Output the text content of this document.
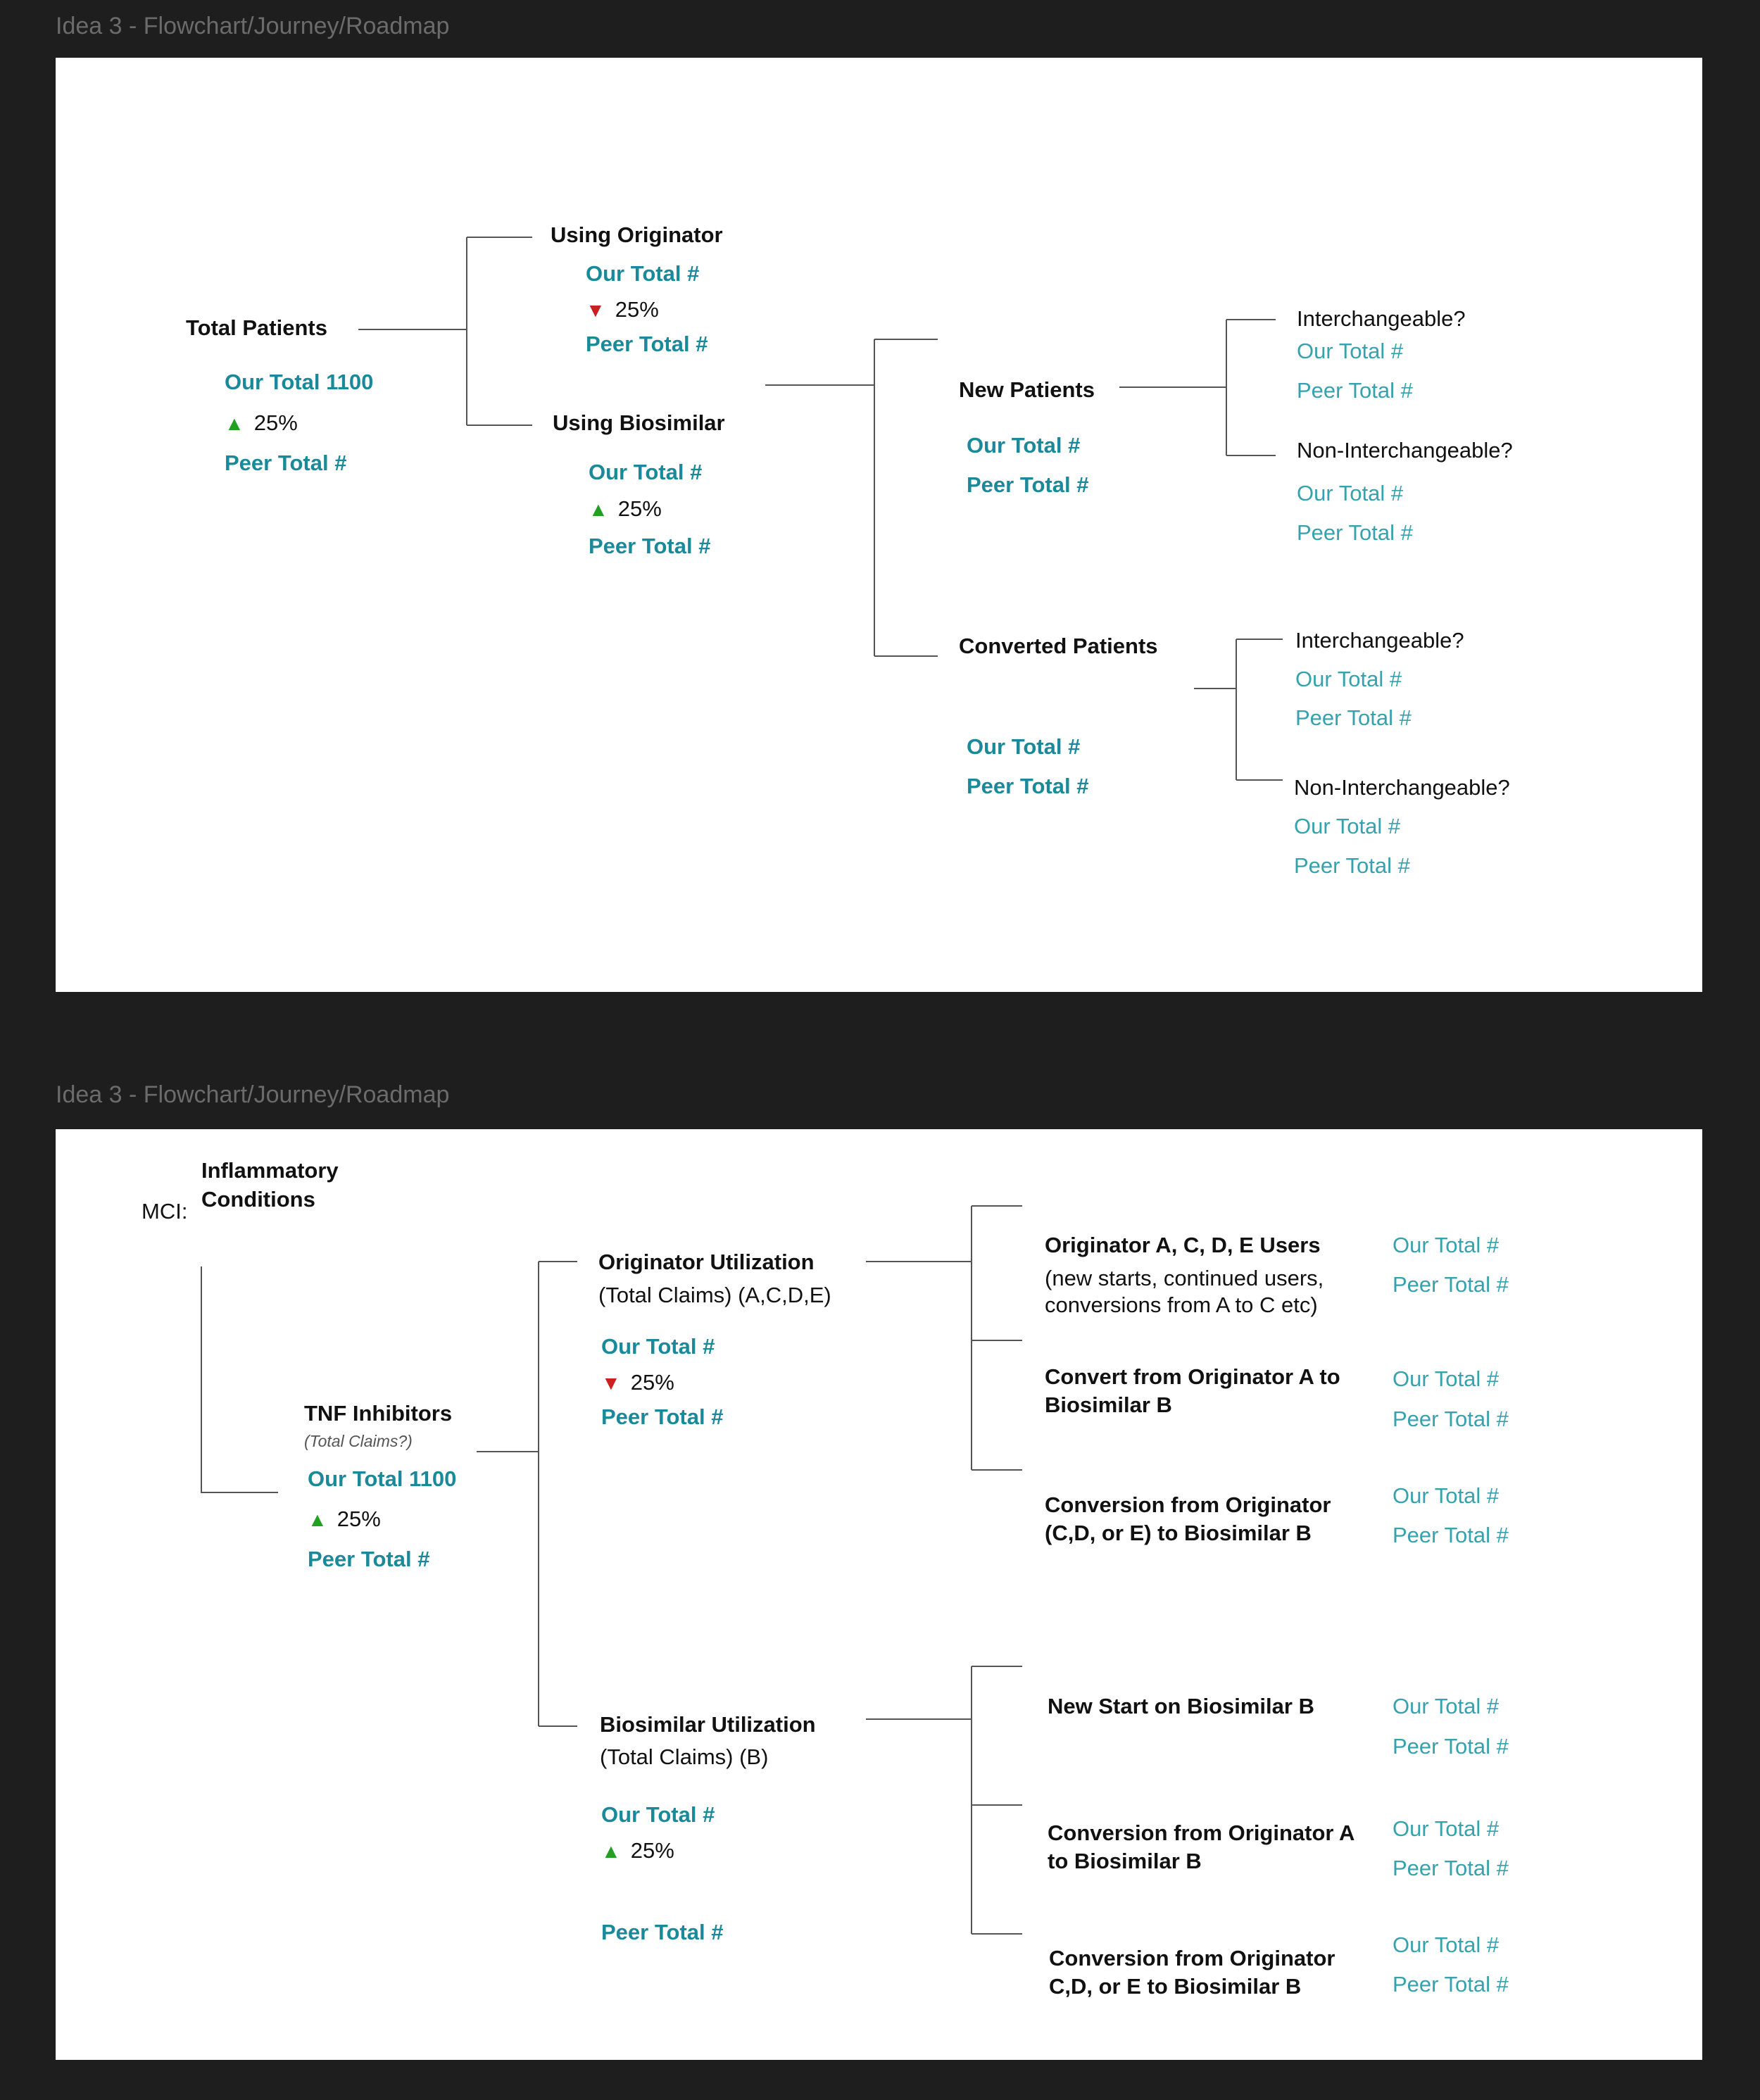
Idea 3 - Flowchart/Journey/Roadmap
Total Patients
Our Total 1100
▲ 25%
Peer Total #
Using Originator
Our Total #
▼ 25%
Peer Total #
Using Biosimilar
Our Total #
▲ 25%
Peer Total #
New Patients
Our Total #
Peer Total #
Interchangeable?
Our Total #
Peer Total #
Non-Interchangeable?
Our Total #
Peer Total #
Converted Patients
Our Total #
Peer Total #
Interchangeable?
Our Total #
Peer Total #
Non-Interchangeable?
Our Total #
Peer Total #
Idea 3 - Flowchart/Journey/Roadmap
MCI:
Inflammatory Conditions
TNF Inhibitors
(Total Claims?)
Our Total 1100
▲ 25%
Peer Total #
Originator Utilization
(Total Claims) (A,C,D,E)
Our Total #
▼ 25%
Peer Total #
Biosimilar Utilization
(Total Claims) (B)
Our Total #
▲ 25%
Peer Total #
Originator A, C, D, E Users
(new starts, continued users, conversions from A to C etc)
Our Total #
Peer Total #
Convert from Originator A to Biosimilar B
Our Total #
Peer Total #
Conversion from Originator (C,D, or E) to Biosimilar B
Our Total #
Peer Total #
New Start on Biosimilar B	Our Total #
Peer Total #
Conversion from Originator A to Biosimilar B
Our Total #
Peer Total #
Conversion from Originator C,D, or E to Biosimilar B
Our Total #
Peer Total #
